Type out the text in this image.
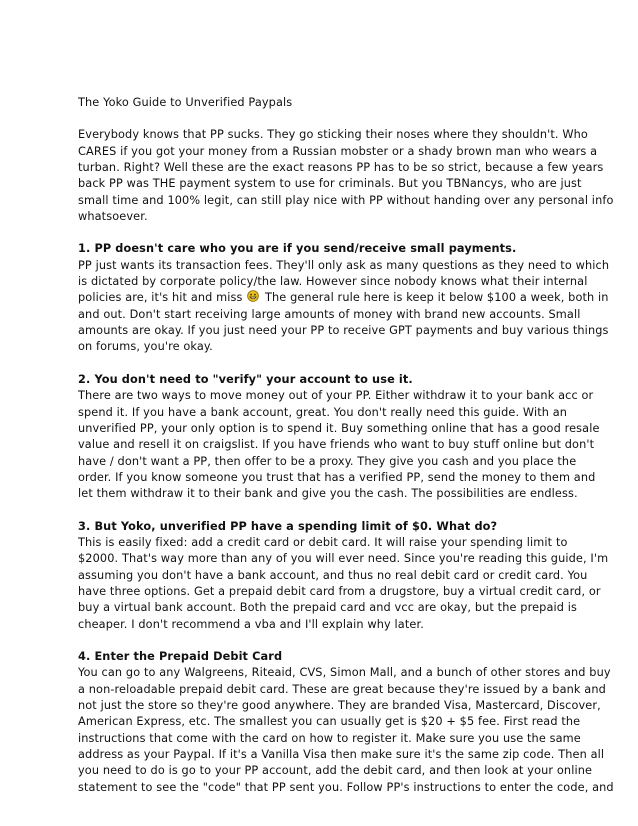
The Yoko Guide to Unverified Paypals
Everybody knows that PP sucks. They go sticking their noses where they shouldn't. Who
CARES if you got your money from a Russian mobster or a shady brown man who wears a
turban. Right? Well these are the exact reasons PP has to be so strict, because a few years
back PP was THE payment system to use for criminals. But you TBNancys, who are just
small time and 100% legit, can still play nice with PP without handing over any personal info
whatsoever.
1. PP doesn't care who you are if you send/receive small payments.
PP just wants its transaction fees. They'll only ask as many questions as they need to which
is dictated by corporate policy/the law. However since nobody knows what their internal
policies are, it's hit and miss The general rule here is keep it below $100 a week, both in
and out. Don't start receiving large amounts of money with brand new accounts. Small
amounts are okay. If you just need your PP to receive GPT payments and buy various things
on forums, you're okay.
2. You don't need to "verify" your account to use it.
There are two ways to move money out of your PP. Either withdraw it to your bank acc or
spend it. If you have a bank account, great. You don't really need this guide. With an
unverified PP, your only option is to spend it. Buy something online that has a good resale
value and resell it on craigslist. If you have friends who want to buy stuff online but don't
have / don't want a PP, then offer to be a proxy. They give you cash and you place the
order. If you know someone you trust that has a verified PP, send the money to them and
let them withdraw it to their bank and give you the cash. The possibilities are endless.
3. But Yoko, unverified PP have a spending limit of $0. What do?
This is easily fixed: add a credit card or debit card. It will raise your spending limit to
$2000. That's way more than any of you will ever need. Since you're reading this guide, I'm
assuming you don't have a bank account, and thus no real debit card or credit card. You
have three options. Get a prepaid debit card from a drugstore, buy a virtual credit card, or
buy a virtual bank account. Both the prepaid card and vcc are okay, but the prepaid is
cheaper. I don't recommend a vba and I'll explain why later.
4. Enter the Prepaid Debit Card
You can go to any Walgreens, Riteaid, CVS, Simon Mall, and a bunch of other stores and buy
a non-reloadable prepaid debit card. These are great because they're issued by a bank and
not just the store so they're good anywhere. They are branded Visa, Mastercard, Discover,
American Express, etc. The smallest you can usually get is $20 + $5 fee. First read the
instructions that come with the card on how to register it. Make sure you use the same
address as your Paypal. If it's a Vanilla Visa then make sure it's the same zip code. Then all
you need to do is go to your PP account, add the debit card, and then look at your online
statement to see the "code" that PP sent you. Follow PP's instructions to enter the code, and
